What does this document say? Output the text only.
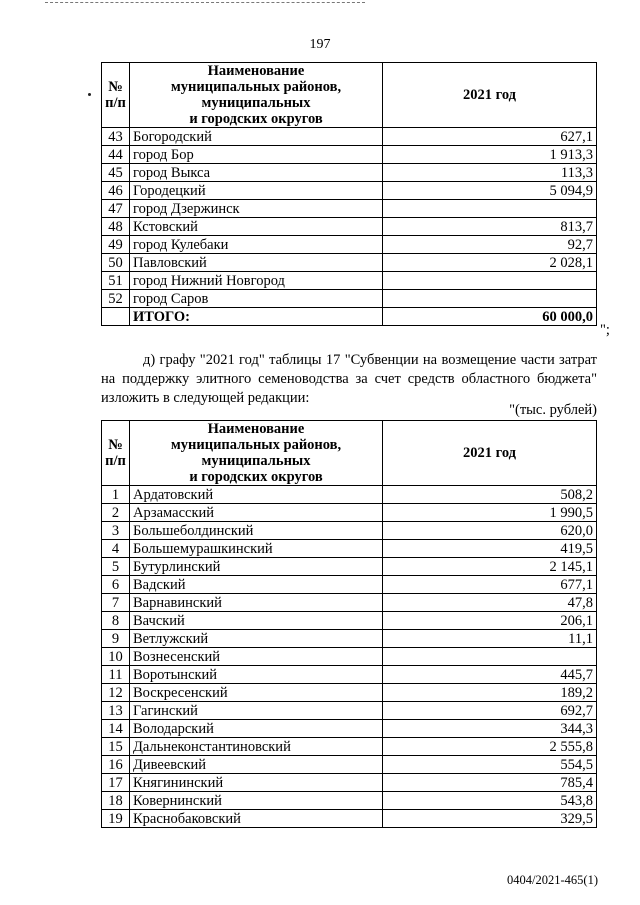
197
№
п/п	Наименование
муниципальных районов,
муниципальных
и городских округов	2021 год
43	Богородский	627,1
44	город Бор	1 913,3
45	город Выкса	113,3
46	Городецкий	5 094,9
47	город Дзержинск	
48	Кстовский	813,7
49	город Кулебаки	92,7
50	Павловский	2 028,1
51	город Нижний Новгород	
52	город Саров	
	ИТОГО:	60 000,0
";
д) графу "2021 год" таблицы 17 "Субвенции на возмещение части затрат на поддержку элитного семеноводства за счет средств областного бюджета" изложить в следующей редакции:
"(тыс. рублей)
№
п/п	Наименование
муниципальных районов,
муниципальных
и городских округов	2021 год
1	Ардатовский	508,2
2	Арзамасский	1 990,5
3	Большеболдинский	620,0
4	Большемурашкинский	419,5
5	Бутурлинский	2 145,1
6	Вадский	677,1
7	Варнавинский	47,8
8	Вачский	206,1
9	Ветлужский	11,1
10	Вознесенский	
11	Воротынский	445,7
12	Воскресенский	189,2
13	Гагинский	692,7
14	Володарский	344,3
15	Дальнеконстантиновский	2 555,8
16	Дивеевский	554,5
17	Княгининский	785,4
18	Ковернинский	543,8
19	Краснобаковский	329,5
0404/2021-465(1)
